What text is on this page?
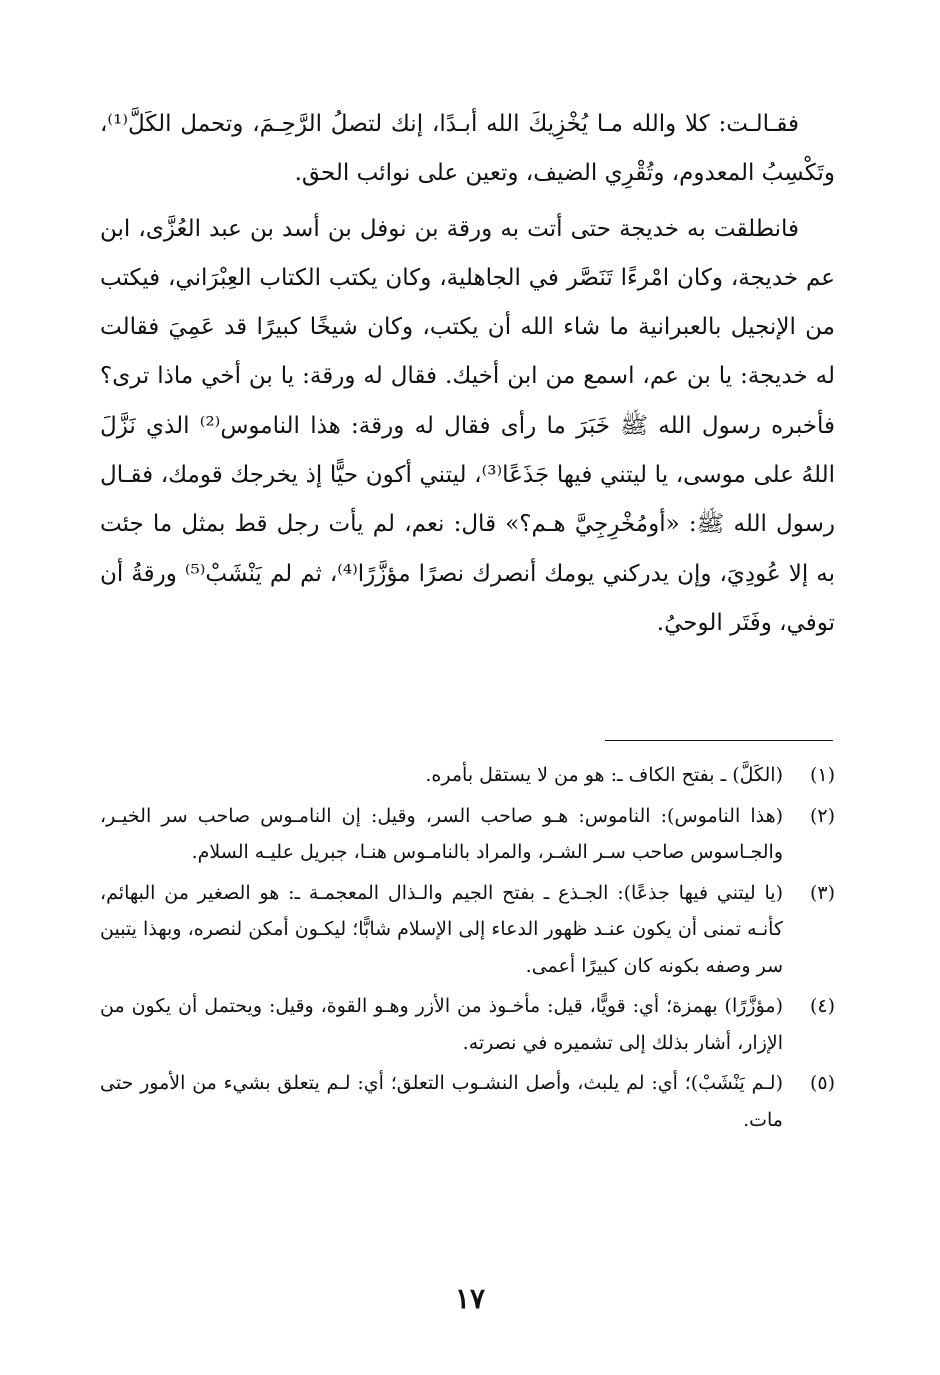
فقـالـت: كلا والله مـا يُخْزِيكَ الله أبـدًا، إنك لتصلُ الرَّحِـمَ، وتحمل الكَلَّ⁽¹⁾، وتَكْسِبُ المعدوم، وتُقْرِي الضيف، وتعين على نوائب الحق.

فانطلقت به خديجة حتى أتت به ورقة بن نوفل بن أسد بن عبد العُزَّى، ابن عم خديجة، وكان امْرءًا تَنَصَّر في الجاهلية، وكان يكتب الكتاب العِبْرَاني، فيكتب من الإنجيل بالعبرانية ما شاء الله أن يكتب، وكان شيخًا كبيرًا قد عَمِيَ فقالت له خديجة: يا بن عم، اسمع من ابن أخيك. فقال له ورقة: يا بن أخي ماذا ترى؟ فأخبره رسول الله ﷺ خَبَرَ ما رأى فقال له ورقة: هذا الناموس⁽²⁾ الذي نَزَّلَ اللهُ على موسى، يا ليتني فيها جَذَعًا⁽³⁾، ليتني أكون حيًّا إذ يخرجك قومك، فقـال رسول الله ﷺ: «أومُخْرِجِيَّ هـم؟» قال: نعم، لم يأت رجل قط بمثل ما جئت به إلا عُودِيَ، وإن يدركني يومك أنصرك نصرًا مؤزَّرًا⁽⁴⁾، ثم لم يَنْشَبْ⁽⁵⁾ ورقةُ أن توفي، وفَتَر الوحيُ.

(١)
(الكَلَّ) ـ بفتح الكاف ـ: هو من لا يستقل بأمره.
(٢)
(هذا الناموس): الناموس: هـو صاحب السر، وقيل: إن النامـوس صاحب سر الخيـر، والجـاسوس صاحب سـر الشـر، والمراد بالنامـوس هنـا، جبريل عليـه السلام.
(٣)
(يا ليتني فيها جذعًا): الجـذع ـ بفتح الجيم والـذال المعجمـة ـ: هو الصغير من البهائم، كأنـه تمنى أن يكون عنـد ظهور الدعاء إلى الإسلام شابًّا؛ ليكـون أمكن لنصره، وبهذا يتبين سر وصفه بكونه كان كبيرًا أعمى.
(٤)
(مؤزَّرًا) بهمزة؛ أي: قويًّا، قيل: مأخـوذ من الأزر وهـو القوة، وقيل: ويحتمل أن يكون من الإزار، أشار بذلك إلى تشميره في نصرته.
(٥)
(لـم يَنْشَبْ)؛ أي: لم يلبث، وأصل النشـوب التعلق؛ أي: لـم يتعلق بشيء من الأمور حتى مات.
١٧
